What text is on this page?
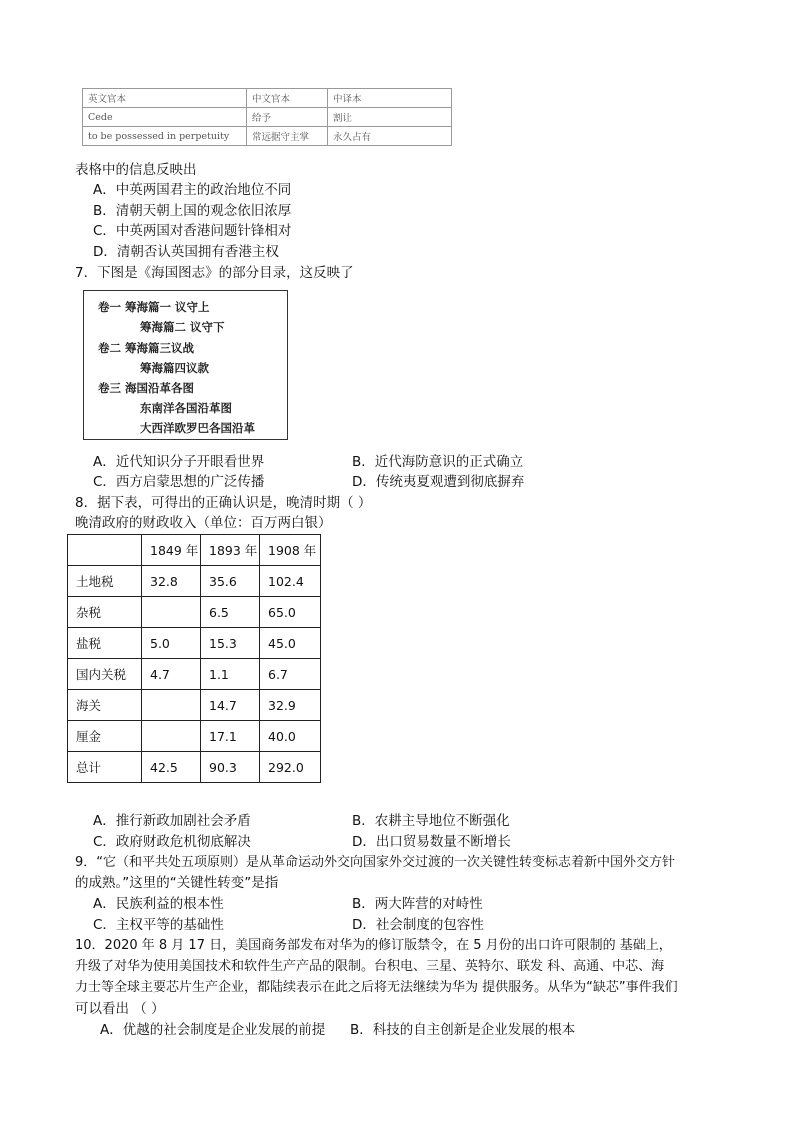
英文官本	中文官本	中译本
Cede	给予	割让
to be possessed in perpetuity	常远据守主掌	永久占有
表格中的信息反映出
A．中英两国君主的政治地位不同
B．清朝天朝上国的观念依旧浓厚
C．中英两国对香港问题针锋相对
D．清朝否认英国拥有香港主权
7．下图是《海国图志》的部分目录，这反映了
卷一 筹海篇一 议守上
筹海篇二 议守下
卷二 筹海篇三议战
筹海篇四议款
卷三 海国沿革各图
东南洋各国沿革图
大西洋欧罗巴各国沿革
A．近代知识分子开眼看世界	B．近代海防意识的正式确立
C．西方启蒙思想的广泛传播	D．传统夷夏观遭到彻底摒弃
8．据下表，可得出的正确认识是，晚清时期（ ）
晚清政府的财政收入（单位：百万两白银）
	1849 年	1893 年	1908 年
土地税	32.8	35.6	102.4
杂税		6.5	65.0
盐税	5.0	15.3	45.0
国内关税	4.7	1.1	6.7
海关		14.7	32.9
厘金		17.1	40.0
总计	42.5	90.3	292.0
A．推行新政加剧社会矛盾	B．农耕主导地位不断强化
C．政府财政危机彻底解决	D．出口贸易数量不断增长
9．“它（和平共处五项原则）是从革命运动外交向国家外交过渡的一次关键性转变标志着新中国外交方针
的成熟。”这里的“关键性转变”是指
A．民族利益的根本性	B．两大阵营的对峙性
C．主权平等的基础性	D．社会制度的包容性
10．2020 年 8 月 17 日，美国商务部发布对华为的修订版禁令，在 5 月份的出口许可限制的 基础上，
升级了对华为使用美国技术和软件生产产品的限制。台积电、三星、英特尔、联发 科、高通、中芯、海
力士等全球主要芯片生产企业，都陆续表示在此之后将无法继续为华为 提供服务。从华为“缺芯”事件我们
可以看出 （ ）
A．优越的社会制度是企业发展的前提 B．科技的自主创新是企业发展的根本
